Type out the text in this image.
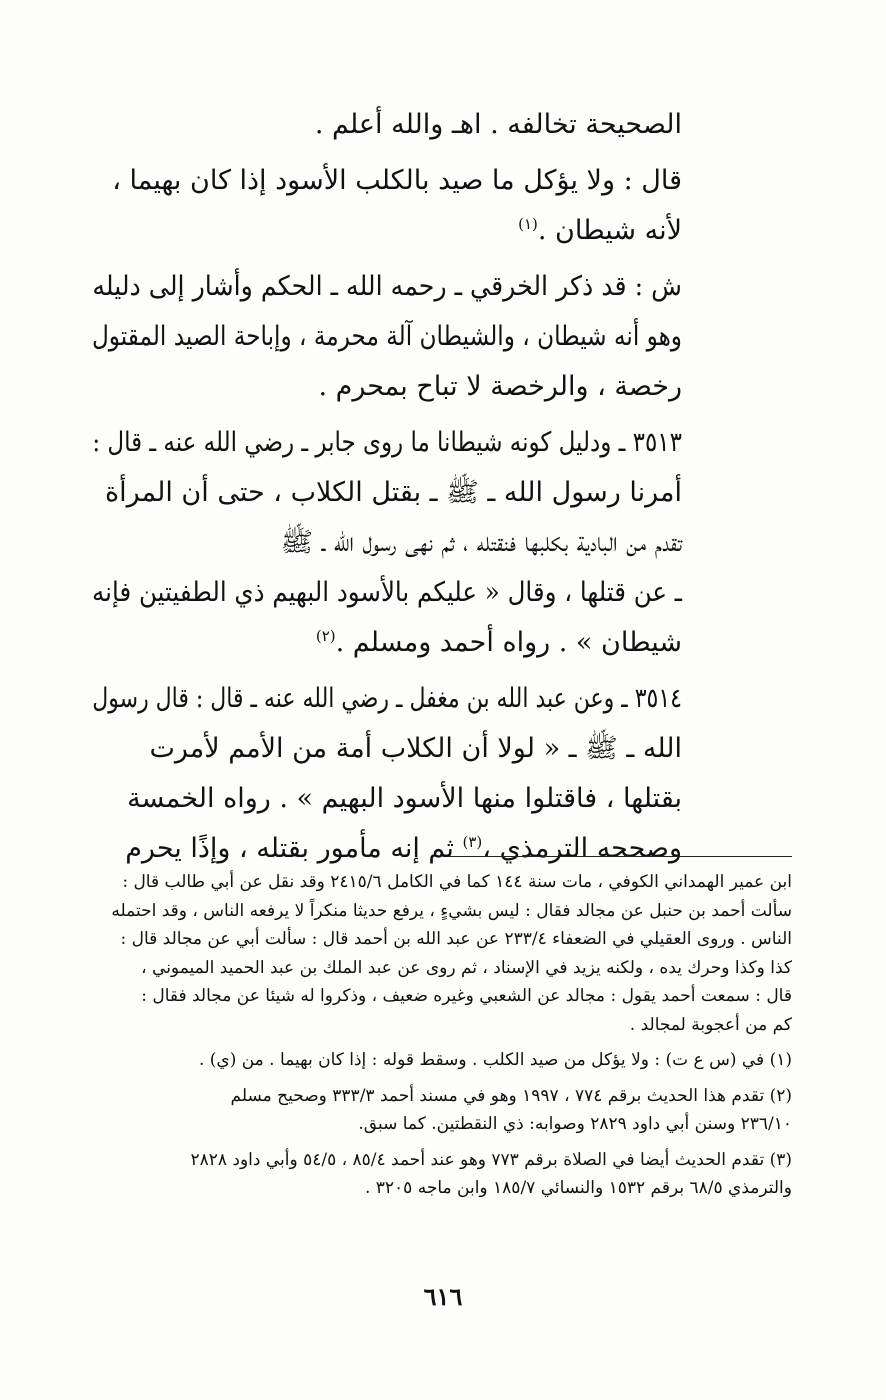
الصحيحة تخالفه . اهـ والله أعلم .

قال : ولا يؤكل ما صيد بالكلب الأسود إذا كان بهيما ،
لأنه شيطان .$^{(١)}$

ش : قد ذكر الخرقي ـ رحمه الله ـ الحكم وأشار إلى دليله
وهو أنه شيطان ، والشيطان آلة محرمة ، وإباحة الصيد المقتول
رخصة ، والرخصة لا تباح بمحرم .

٣٥١٣ ـ ودليل كونه شيطانا ما روى جابر ـ رضي الله عنه ـ قال :
أمرنا رسول الله ـ ﷺ ـ بقتل الكلاب ، حتى أن المرأة
تقدم من البادية بكلبها فنقتله ، ثم نهى رسول الله ـ ﷺ
ـ عن قتلها ، وقال « عليكم بالأسود البهيم ذي الطفيتين فإنه
شيطان » . رواه أحمد ومسلم .$^{(٢)}$

٣٥١٤ ـ وعن عبد الله بن مغفل ـ رضي الله عنه ـ قال : قال رسول
الله ـ ﷺ ـ « لولا أن الكلاب أمة من الأمم لأمرت
بقتلها ، فاقتلوا منها الأسود البهيم » . رواه الخمسة
وصححه الترمذي ،$^{(٣)}$ ثم إنه مأمور بقتله ، وإذًا يحرم

ابن عمير الهمداني الكوفي ، مات سنة ١٤٤ كما في الكامل ٢٤١٥/٦ وقد نقل عن أبي طالب قال :
سألت أحمد بن حنبل عن مجالد فقال : ليس بشيءٍ ، يرفع حديثا منكراً لا يرفعه الناس ، وقد احتمله
الناس . وروى العقيلي في الضعفاء ٢٣٣/٤ عن عبد الله بن أحمد قال : سألت أبي عن مجالد قال :
كذا وكذا وحرك يده ، ولكنه يزيد في الإسناد ، ثم روى عن عبد الملك بن عبد الحميد الميموني ،
قال : سمعت أحمد يقول : مجالد عن الشعبي وغيره ضعيف ، وذكروا له شيئا عن مجالد فقال :
كم من أعجوبة لمجالد .
(١) في (س ع ت) : ولا يؤكل من صيد الكلب . وسقط قوله : إذا كان بهيما . من (ي) .
(٢) تقدم هذا الحديث برقم ٧٧٤ ، ١٩٩٧ وهو في مسند أحمد ٣٣٣/٣ وصحيح مسلم
٢٣٦/١٠ وسنن أبي داود ٢٨٢٩ وصوابه: ذي النقطتين. كما سبق.
(٣) تقدم الحديث أيضا في الصلاة برقم ٧٧٣ وهو عند أحمد ٨٥/٤ ، ٥٤/٥ وأبي داود ٢٨٢٨
والترمذي ٦٨/٥ برقم ١٥٣٢ والنسائي ١٨٥/٧ وابن ماجه ٣٢٠٥ .
٦١٦
